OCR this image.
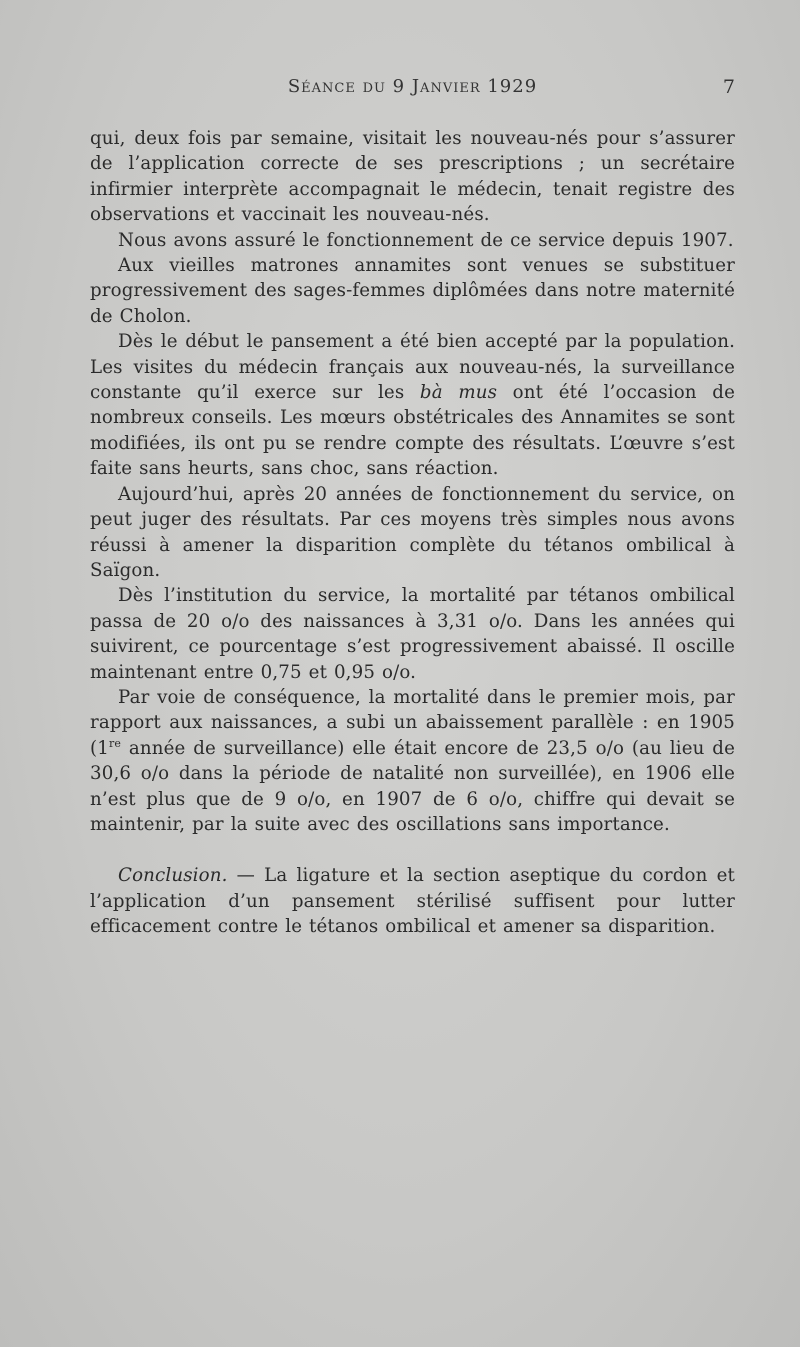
Séance du 9 Janvier 1929	7

qui, deux fois par semaine, visitait les nouveau-nés pour s’assurer de l’application correcte de ses prescriptions ; un secrétaire infirmier interprète accompagnait le médecin, tenait registre des observations et vaccinait les nouveau-nés.

Nous avons assuré le fonctionnement de ce service depuis 1907.

Aux vieilles matrones annamites sont venues se substituer progressivement des sages-femmes diplômées dans notre maternité de Cholon.

Dès le début le pansement a été bien accepté par la population. Les visites du médecin français aux nouveau-nés, la surveillance constante qu’il exerce sur les bà mus ont été l’occasion de nombreux conseils. Les mœurs obstétricales des Annamites se sont modifiées, ils ont pu se rendre compte des résultats. L’œuvre s’est faite sans heurts, sans choc, sans réaction.

Aujourd’hui, après 20 années de fonctionnement du service, on peut juger des résultats. Par ces moyens très simples nous avons réussi à amener la disparition complète du tétanos ombilical à Saïgon.

Dès l’institution du service, la mortalité par tétanos ombilical passa de 20 o/o des naissances à 3,31 o/o. Dans les années qui suivirent, ce pourcentage s’est progressivement abaissé. Il oscille maintenant entre 0,75 et 0,95 o/o.

Par voie de conséquence, la mortalité dans le premier mois, par rapport aux naissances, a subi un abaissement parallèle : en 1905 (1re année de surveillance) elle était encore de 23,5 o/o (au lieu de 30,6 o/o dans la période de natalité non surveillée), en 1906 elle n’est plus que de 9 o/o, en 1907 de 6 o/o, chiffre qui devait se maintenir, par la suite avec des oscillations sans importance.

Conclusion. — La ligature et la section aseptique du cordon et l’application d’un pansement stérilisé suffisent pour lutter efficacement contre le tétanos ombilical et amener sa disparition.
